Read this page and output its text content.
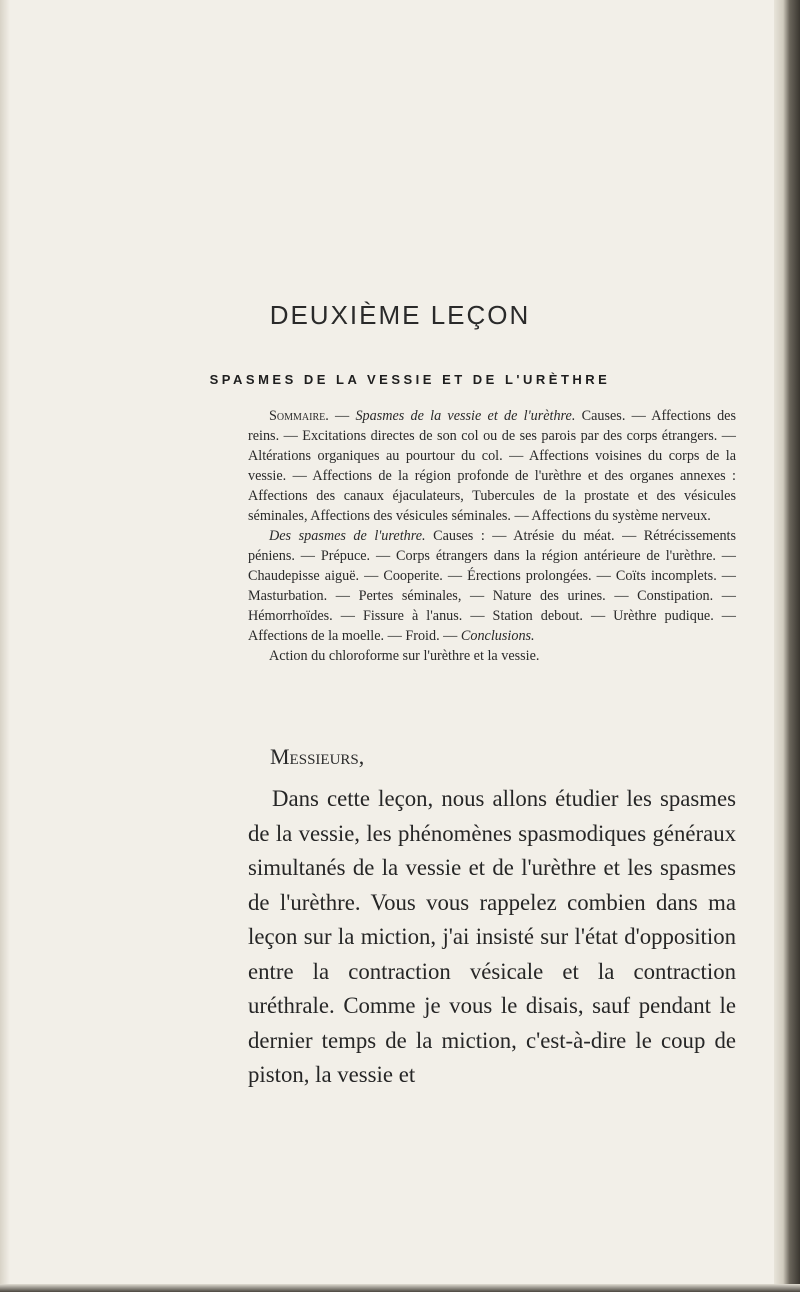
DEUXIÈME LEÇON
SPASMES DE LA VESSIE ET DE L'URÈTHRE

Sommaire. — Spasmes de la vessie et de l'urèthre. Causes. — Affections des reins. — Excitations directes de son col ou de ses parois par des corps étrangers. — Altérations organiques au pourtour du col. — Affections voisines du corps de la vessie. — Affections de la région profonde de l'urèthre et des organes annexes : Affections des canaux éjaculateurs, Tubercules de la prostate et des vésicules séminales, Affections des vésicules séminales. — Affections du système nerveux.

Des spasmes de l'urethre. Causes : — Atrésie du méat. — Rétrécissements péniens. — Prépuce. — Corps étrangers dans la région antérieure de l'urèthre. — Chaudepisse aiguë. — Cooperite. — Érections prolongées. — Coïts incomplets. — Masturbation. — Pertes séminales, — Nature des urines. — Constipation. — Hémorrhoïdes. — Fissure à l'anus. — Station debout. — Urèthre pudique. — Affections de la moelle. — Froid. — Conclusions.

Action du chloroforme sur l'urèthre et la vessie.

Messieurs,

Dans cette leçon, nous allons étudier les spasmes de la vessie, les phénomènes spasmodiques généraux simultanés de la vessie et de l'urèthre et les spasmes de l'urèthre. Vous vous rappelez combien dans ma leçon sur la miction, j'ai insisté sur l'état d'opposition entre la contraction vésicale et la contraction uréthrale. Comme je vous le disais, sauf pendant le dernier temps de la miction, c'est-à-dire le coup de piston, la vessie et
